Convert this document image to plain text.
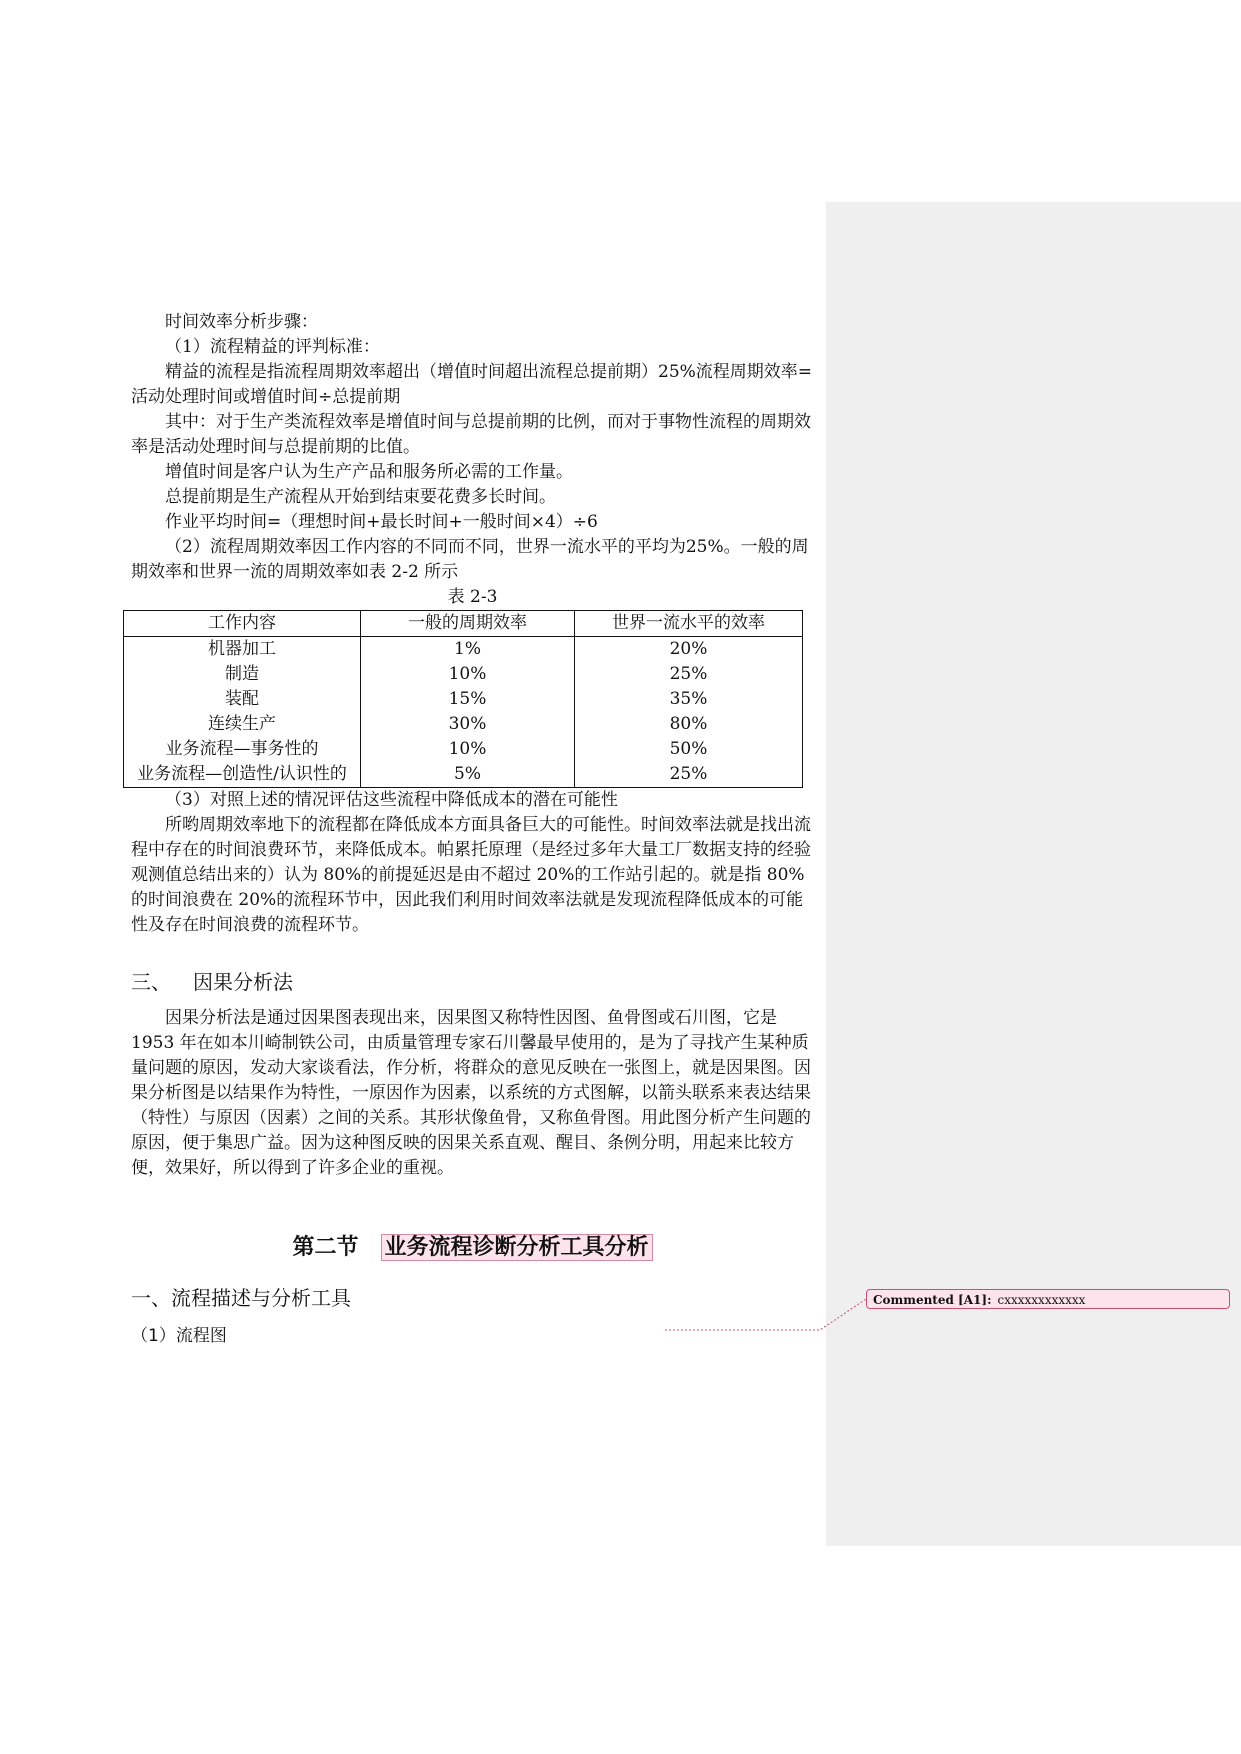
时间效率分析步骤：

（1）流程精益的评判标准：

精益的流程是指流程周期效率超出（增值时间超出流程总提前期）25%流程周期效率=活动处理时间或增值时间÷总提前期

其中：对于生产类流程效率是增值时间与总提前期的比例，而对于事物性流程的周期效率是活动处理时间与总提前期的比值。

增值时间是客户认为生产产品和服务所必需的工作量。

总提前期是生产流程从开始到结束要花费多长时间。

作业平均时间=（理想时间+最长时间+一般时间×4）÷6

（2）流程周期效率因工作内容的不同而不同，世界一流水平的平均为25%。一般的周期效率和世界一流的周期效率如表 2-2 所示

表 2-3

工作内容	一般的周期效率	世界一流水平的效率
机器加工	1%	20%
制造	10%	25%
装配	15%	35%
连续生产	30%	80%
业务流程—事务性的	10%	50%
业务流程—创造性/认识性的	5%	25%

（3）对照上述的情况评估这些流程中降低成本的潜在可能性

所哟周期效率地下的流程都在降低成本方面具备巨大的可能性。时间效率法就是找出流程中存在的时间浪费环节，来降低成本。帕累托原理（是经过多年大量工厂数据支持的经验观测值总结出来的）认为 80%的前提延迟是由不超过 20%的工作站引起的。就是指 80%的时间浪费在 20%的流程环节中，因此我们利用时间效率法就是发现流程降低成本的可能性及存在时间浪费的流程环节。

三、 因果分析法

因果分析法是通过因果图表现出来，因果图又称特性因图、鱼骨图或石川图，它是 1953 年在如本川崎制铁公司，由质量管理专家石川馨最早使用的，是为了寻找产生某种质量问题的原因，发动大家谈看法，作分析，将群众的意见反映在一张图上，就是因果图。因果分析图是以结果作为特性，一原因作为因素，以系统的方式图解，以箭头联系来表达结果（特性）与原因（因素）之间的关系。其形状像鱼骨，又称鱼骨图。用此图分析产生问题的原因，便于集思广益。因为这种图反映的因果关系直观、醒目、条例分明，用起来比较方便，效果好，所以得到了许多企业的重视。

第二节 业务流程诊断分析工具分析
一、流程描述与分析工具
（1）流程图
Commented [A1]: cxxxxxxxxxxxx
